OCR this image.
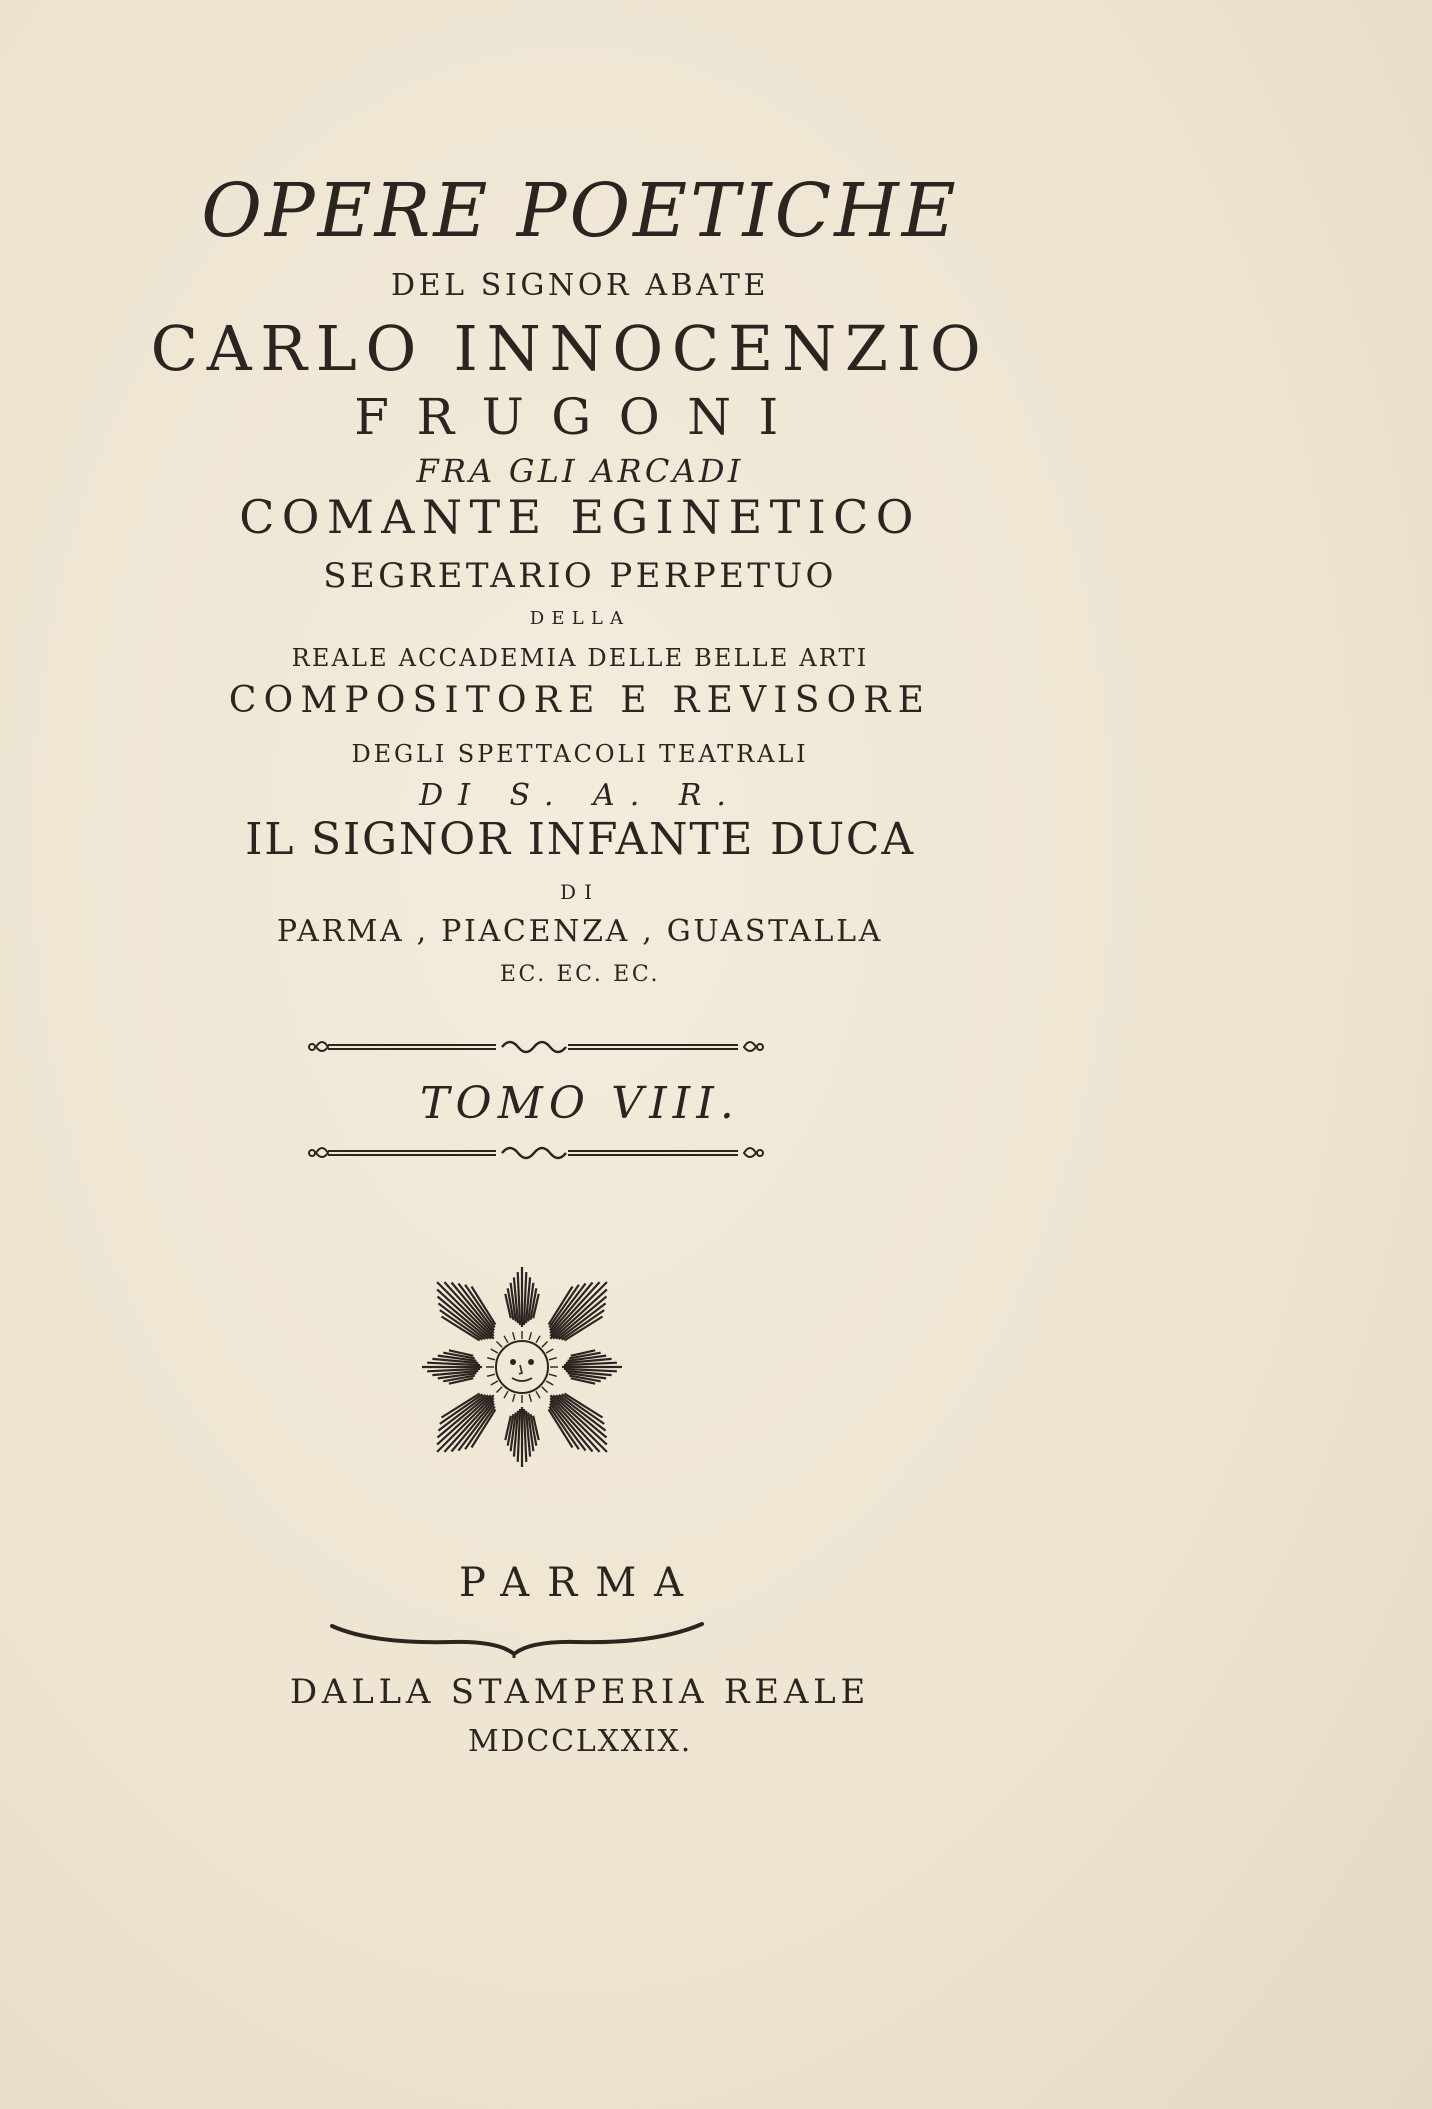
OPERE POETICHE
DEL SIGNOR ABATE
CARLO INNOCENZIO
FRUGONI
FRA GLI ARCADI
COMANTE EGINETICO
SEGRETARIO PERPETUO
DELLA
REALE ACCADEMIA DELLE BELLE ARTI
COMPOSITORE E REVISORE
DEGLI SPETTACOLI TEATRALI
DI S. A. R.
IL SIGNOR INFANTE DUCA
DI
PARMA , PIACENZA , GUASTALLA
EC. EC. EC.
TOMO VIII.
PARMA
DALLA STAMPERIA REALE
MDCCLXXIX.
